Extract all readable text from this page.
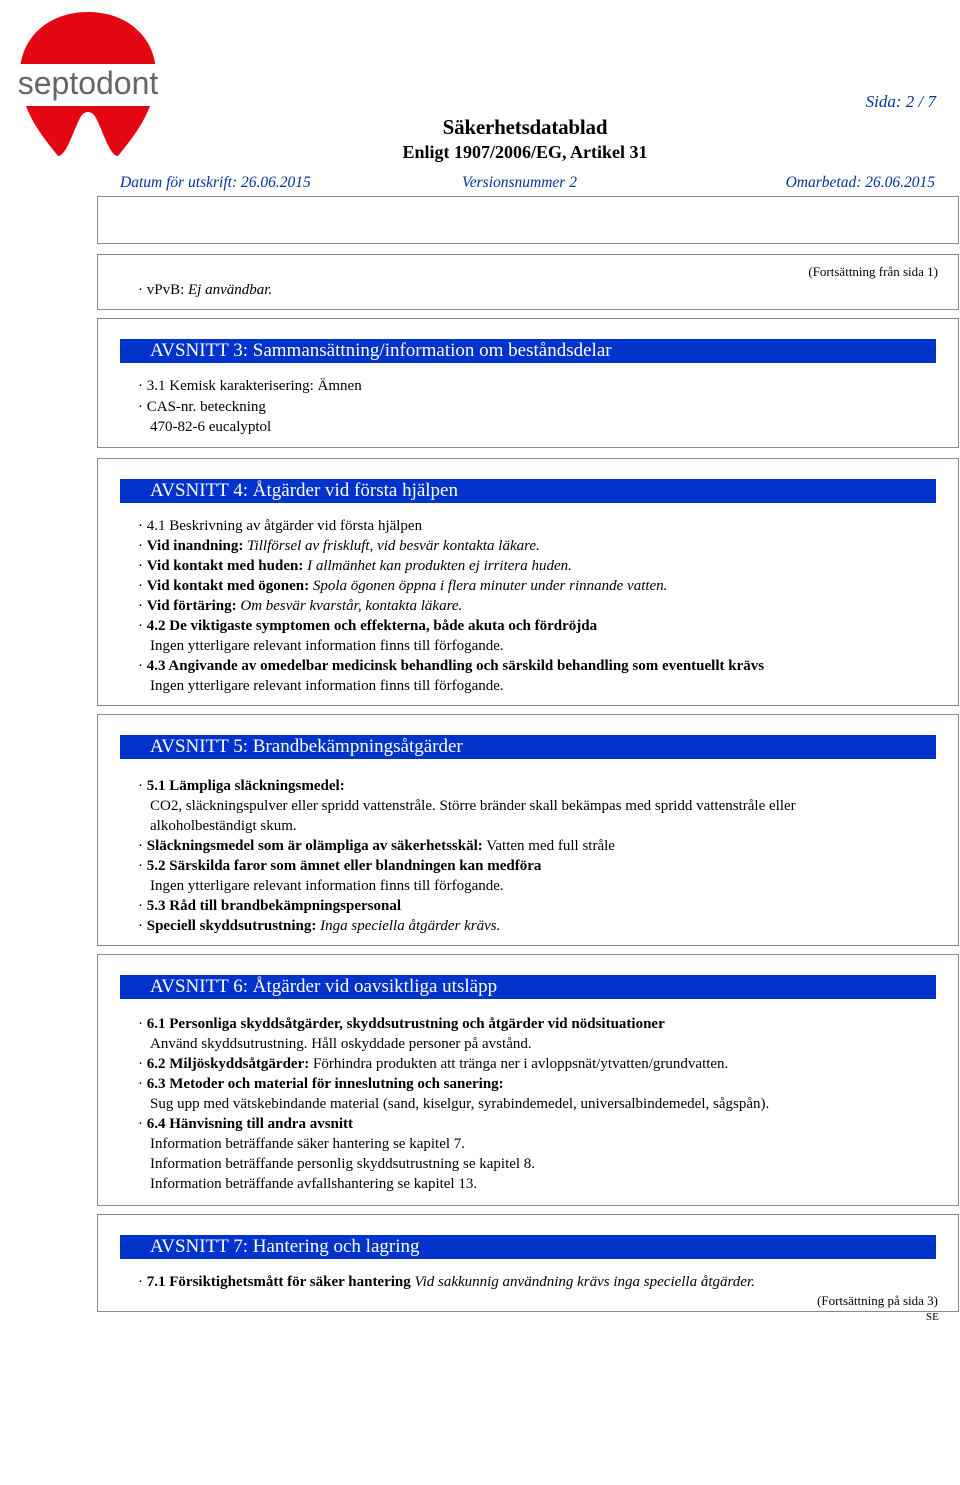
septodont
Sida: 2 / 7
Säkerhetsdatablad
Enligt 1907/2006/EG, Artikel 31
Datum för utskrift: 26.06.2015	Versionsnummer 2	Omarbetad: 26.06.2015
(Fortsättning från sida 1)
· vPvB: Ej användbar.
AVSNITT 3: Sammansättning/information om beståndsdelar
· 3.1 Kemisk karakterisering: Ämnen
· CAS-nr. beteckning
470-82-6 eucalyptol
AVSNITT 4: Åtgärder vid första hjälpen
· 4.1 Beskrivning av åtgärder vid första hjälpen
· Vid inandning: Tillförsel av friskluft, vid besvär kontakta läkare.
· Vid kontakt med huden: I allmänhet kan produkten ej irritera huden.
· Vid kontakt med ögonen: Spola ögonen öppna i flera minuter under rinnande vatten.
· Vid förtäring: Om besvär kvarstår, kontakta läkare.
· 4.2 De viktigaste symptomen och effekterna, både akuta och fördröjda
Ingen ytterligare relevant information finns till förfogande.
· 4.3 Angivande av omedelbar medicinsk behandling och särskild behandling som eventuellt krävs
Ingen ytterligare relevant information finns till förfogande.
AVSNITT 5: Brandbekämpningsåtgärder
· 5.1 Lämpliga släckningsmedel:
CO2, släckningspulver eller spridd vattenstråle. Större bränder skall bekämpas med spridd vattenstråle eller
alkoholbeständigt skum.
· Släckningsmedel som är olämpliga av säkerhetsskäl: Vatten med full stråle
· 5.2 Särskilda faror som ämnet eller blandningen kan medföra
Ingen ytterligare relevant information finns till förfogande.
· 5.3 Råd till brandbekämpningspersonal
· Speciell skyddsutrustning: Inga speciella åtgärder krävs.
AVSNITT 6: Åtgärder vid oavsiktliga utsläpp
· 6.1 Personliga skyddsåtgärder, skyddsutrustning och åtgärder vid nödsituationer
Använd skyddsutrustning. Håll oskyddade personer på avstånd.
· 6.2 Miljöskyddsåtgärder: Förhindra produkten att tränga ner i avloppsnät/ytvatten/grundvatten.
· 6.3 Metoder och material för inneslutning och sanering:
Sug upp med vätskebindande material (sand, kiselgur, syrabindemedel, universalbindemedel, sågspån).
· 6.4 Hänvisning till andra avsnitt
Information beträffande säker hantering se kapitel 7.
Information beträffande personlig skyddsutrustning se kapitel 8.
Information beträffande avfallshantering se kapitel 13.
AVSNITT 7: Hantering och lagring
· 7.1 Försiktighetsmått för säker hantering Vid sakkunnig användning krävs inga speciella åtgärder.
(Fortsättning på sida 3)
SE
